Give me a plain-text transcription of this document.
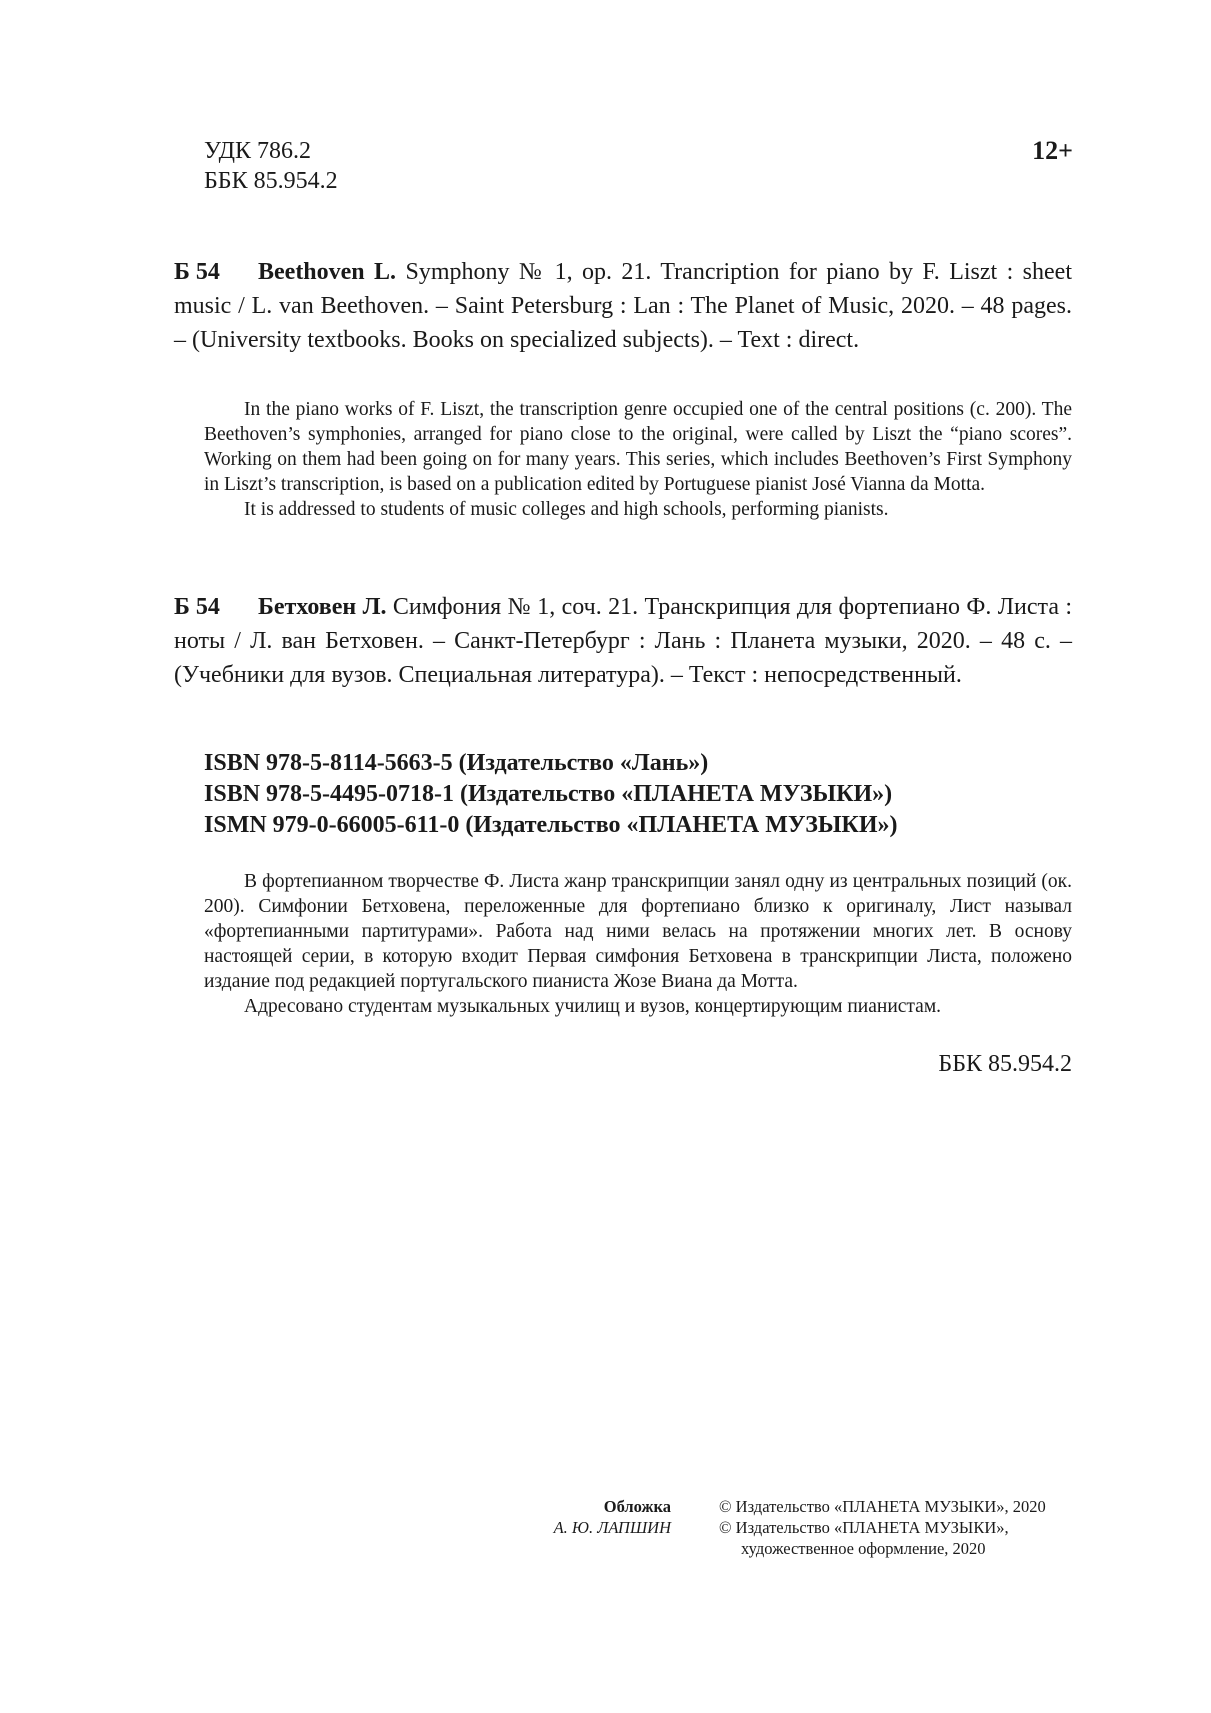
УДК 786.2
ББК 85.954.2
12+
Б 54	Beethoven L. Symphony № 1, op. 21. Trancription for piano by F. Liszt : sheet music / L. van Beethoven. – Saint Petersburg : Lan : The Planet of Music, 2020. – 48 pages. – (University textbooks. Books on specialized subjects). – Text : direct.

In the piano works of F. Liszt, the transcription genre occupied one of the central positions (c. 200). The Beethoven’s symphonies, arranged for piano close to the original, were called by Liszt the “piano scores”. Working on them had been going on for many years. This series, which includes Beethoven’s First Symphony in Liszt’s transcription, is based on a publication edited by Portuguese pianist José Vianna da Motta.

It is addressed to students of music colleges and high schools, performing pianists.

Б 54	Бетховен Л. Симфония № 1, соч. 21. Транскрипция для фортепиано Ф. Листа : ноты / Л. ван Бетховен. – Санкт-Петербург : Лань : Планета музыки, 2020. – 48 с. – (Учебники для вузов. Специальная литература). – Текст : непосредственный.
ISBN 978-5-8114-5663-5 (Издательство «Лань»)
ISBN 978-5-4495-0718-1 (Издательство «ПЛАНЕТА МУЗЫКИ»)
ISMN 979-0-66005-611-0 (Издательство «ПЛАНЕТА МУЗЫКИ»)

В фортепианном творчестве Ф. Листа жанр транскрипции занял одну из центральных позиций (ок. 200). Симфонии Бетховена, переложенные для фортепиано близко к оригиналу, Лист называл «фортепианными партитурами». Работа над ними велась на протяжении многих лет. В основу настоящей серии, в которую входит Первая симфония Бетховена в транскрипции Листа, положено издание под редакцией португальского пианиста Жозе Виана да Мотта.

Адресовано студентам музыкальных училищ и вузов, концертирующим пианистам.

ББК 85.954.2
Обложка
А. Ю. ЛАПШИН
© Издательство «ПЛАНЕТА МУЗЫКИ», 2020
© Издательство «ПЛАНЕТА МУЗЫКИ»,
художественное оформление, 2020
